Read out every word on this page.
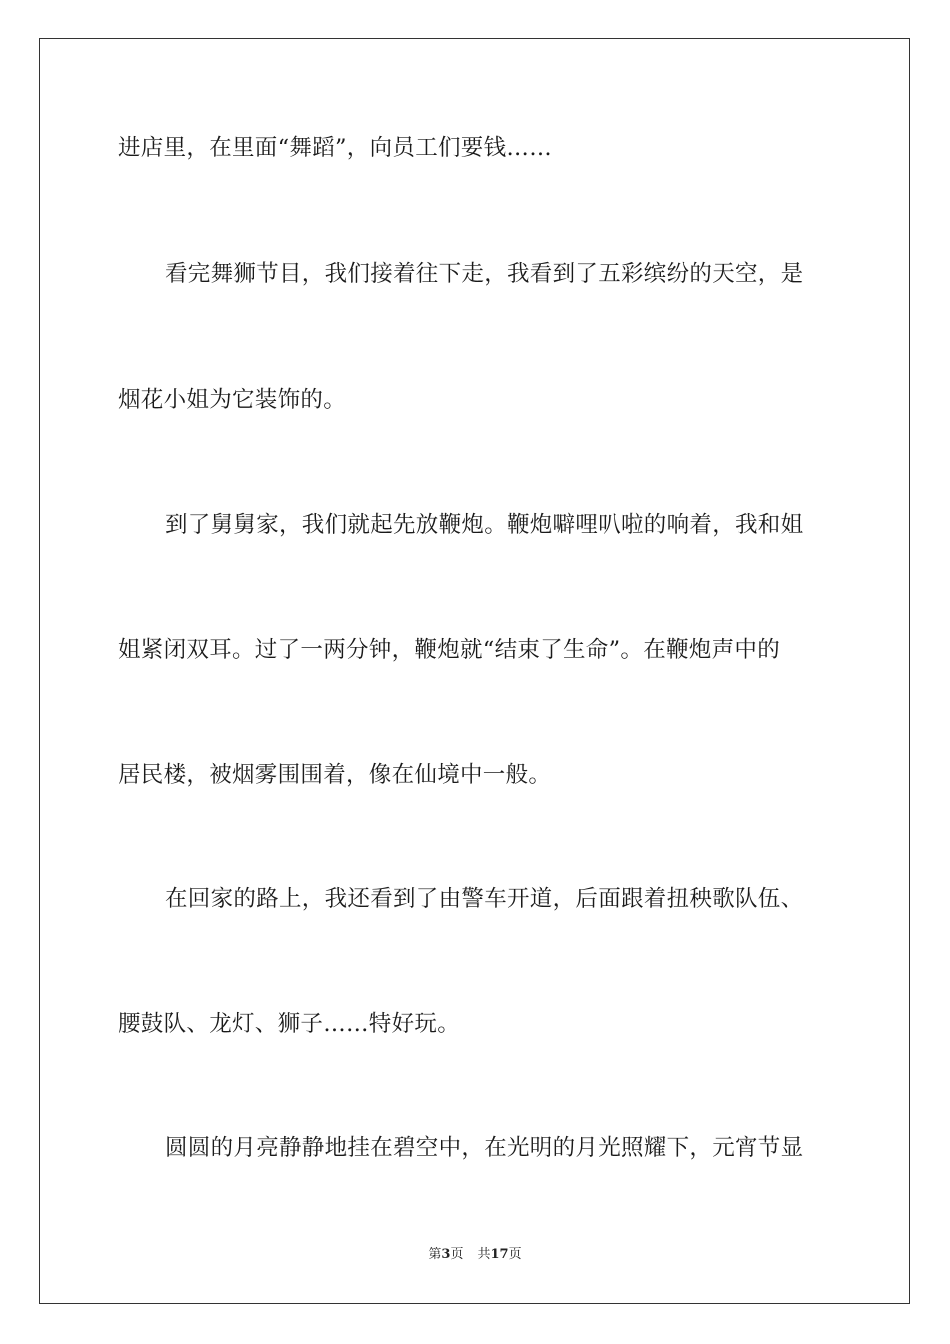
进店里，在里面“舞蹈”，向员工们要钱……
看完舞狮节目，我们接着往下走，我看到了五彩缤纷的天空，是
烟花小姐为它装饰的。
到了舅舅家，我们就起先放鞭炮。鞭炮噼哩叭啦的响着，我和姐
姐紧闭双耳。过了一两分钟，鞭炮就“结束了生命”。在鞭炮声中的
居民楼，被烟雾围围着，像在仙境中一般。
在回家的路上，我还看到了由警车开道，后面跟着扭秧歌队伍、
腰鼓队、龙灯、狮子……特好玩。
圆圆的月亮静静地挂在碧空中，在光明的月光照耀下，元宵节显
第3页 共17页
